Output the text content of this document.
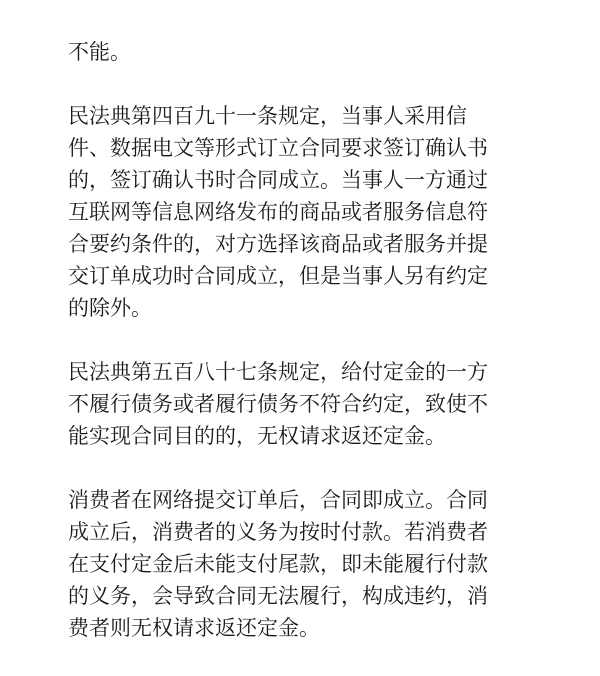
不能。

民法典第四百九十一条规定，当事人采用信
件、数据电文等形式订立合同要求签订确认书
的，签订确认书时合同成立。当事人一方通过
互联网等信息网络发布的商品或者服务信息符
合要约条件的，对方选择该商品或者服务并提
交订单成功时合同成立，但是当事人另有约定
的除外。

民法典第五百八十七条规定，给付定金的一方
不履行债务或者履行债务不符合约定，致使不
能实现合同目的的，无权请求返还定金。

消费者在网络提交订单后，合同即成立。合同
成立后，消费者的义务为按时付款。若消费者
在支付定金后未能支付尾款，即未能履行付款
的义务，会导致合同无法履行，构成违约，消
费者则无权请求返还定金。
